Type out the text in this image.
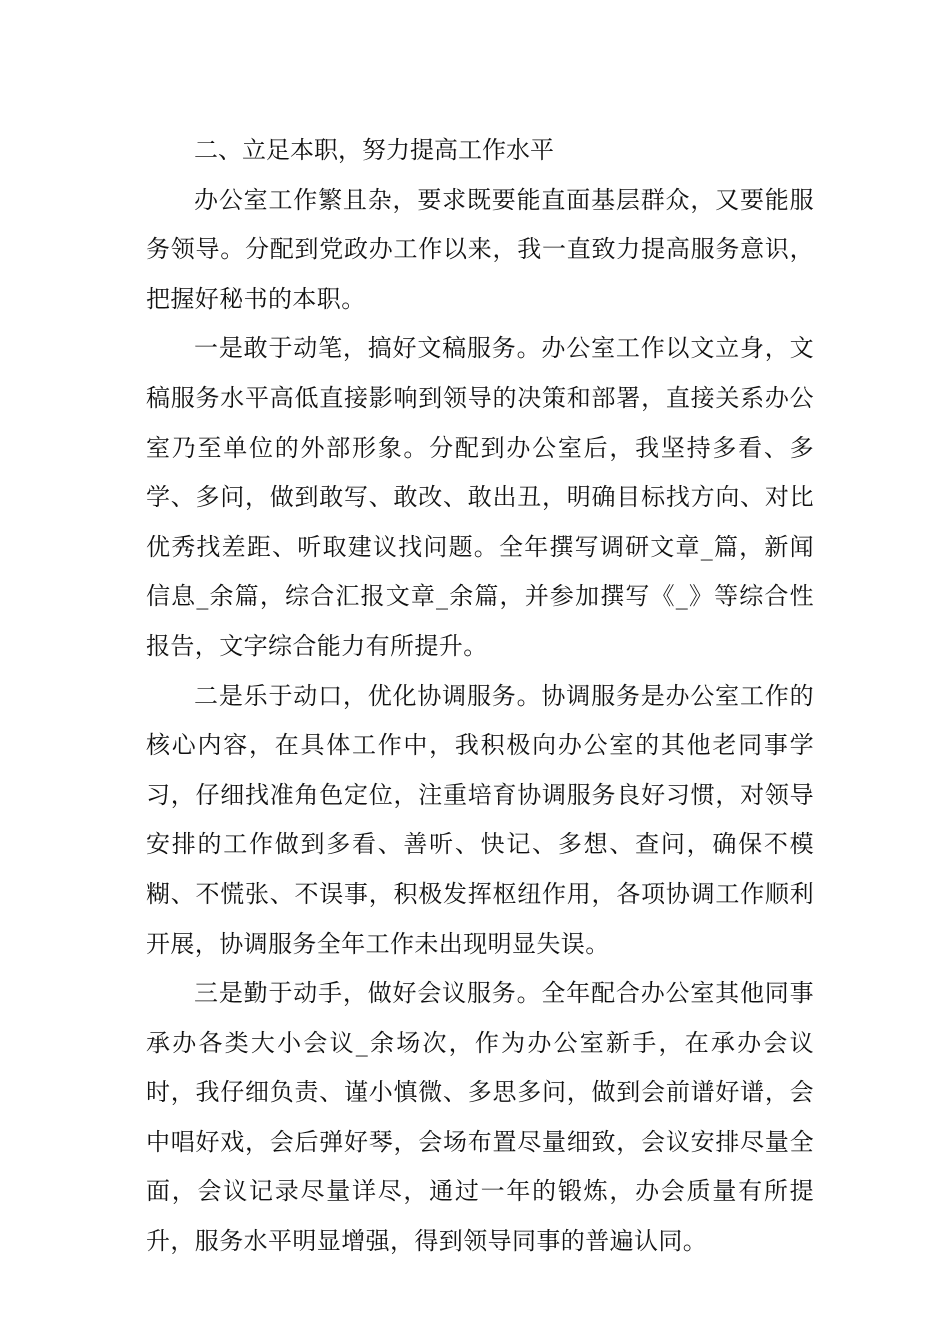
二、立足本职，努力提高工作水平

办公室工作繁且杂，要求既要能直面基层群众，又要能服务领导。分配到党政办工作以来，我一直致力提高服务意识，把握好秘书的本职。

一是敢于动笔，搞好文稿服务。办公室工作以文立身，文稿服务水平高低直接影响到领导的决策和部署，直接关系办公室乃至单位的外部形象。分配到办公室后，我坚持多看、多学、多问，做到敢写、敢改、敢出丑，明确目标找方向、对比优秀找差距、听取建议找问题。全年撰写调研文章_篇，新闻信息_余篇，综合汇报文章_余篇，并参加撰写《_》等综合性报告，文字综合能力有所提升。

二是乐于动口，优化协调服务。协调服务是办公室工作的核心内容，在具体工作中，我积极向办公室的其他老同事学习，仔细找准角色定位，注重培育协调服务良好习惯，对领导安排的工作做到多看、善听、快记、多想、查问，确保不模糊、不慌张、不误事，积极发挥枢纽作用，各项协调工作顺利开展，协调服务全年工作未出现明显失误。

三是勤于动手，做好会议服务。全年配合办公室其他同事承办各类大小会议_余场次，作为办公室新手，在承办会议时，我仔细负责、谨小慎微、多思多问，做到会前谱好谱，会中唱好戏，会后弹好琴，会场布置尽量细致，会议安排尽量全面，会议记录尽量详尽，通过一年的锻炼，办会质量有所提升，服务水平明显增强，得到领导同事的普遍认同。
